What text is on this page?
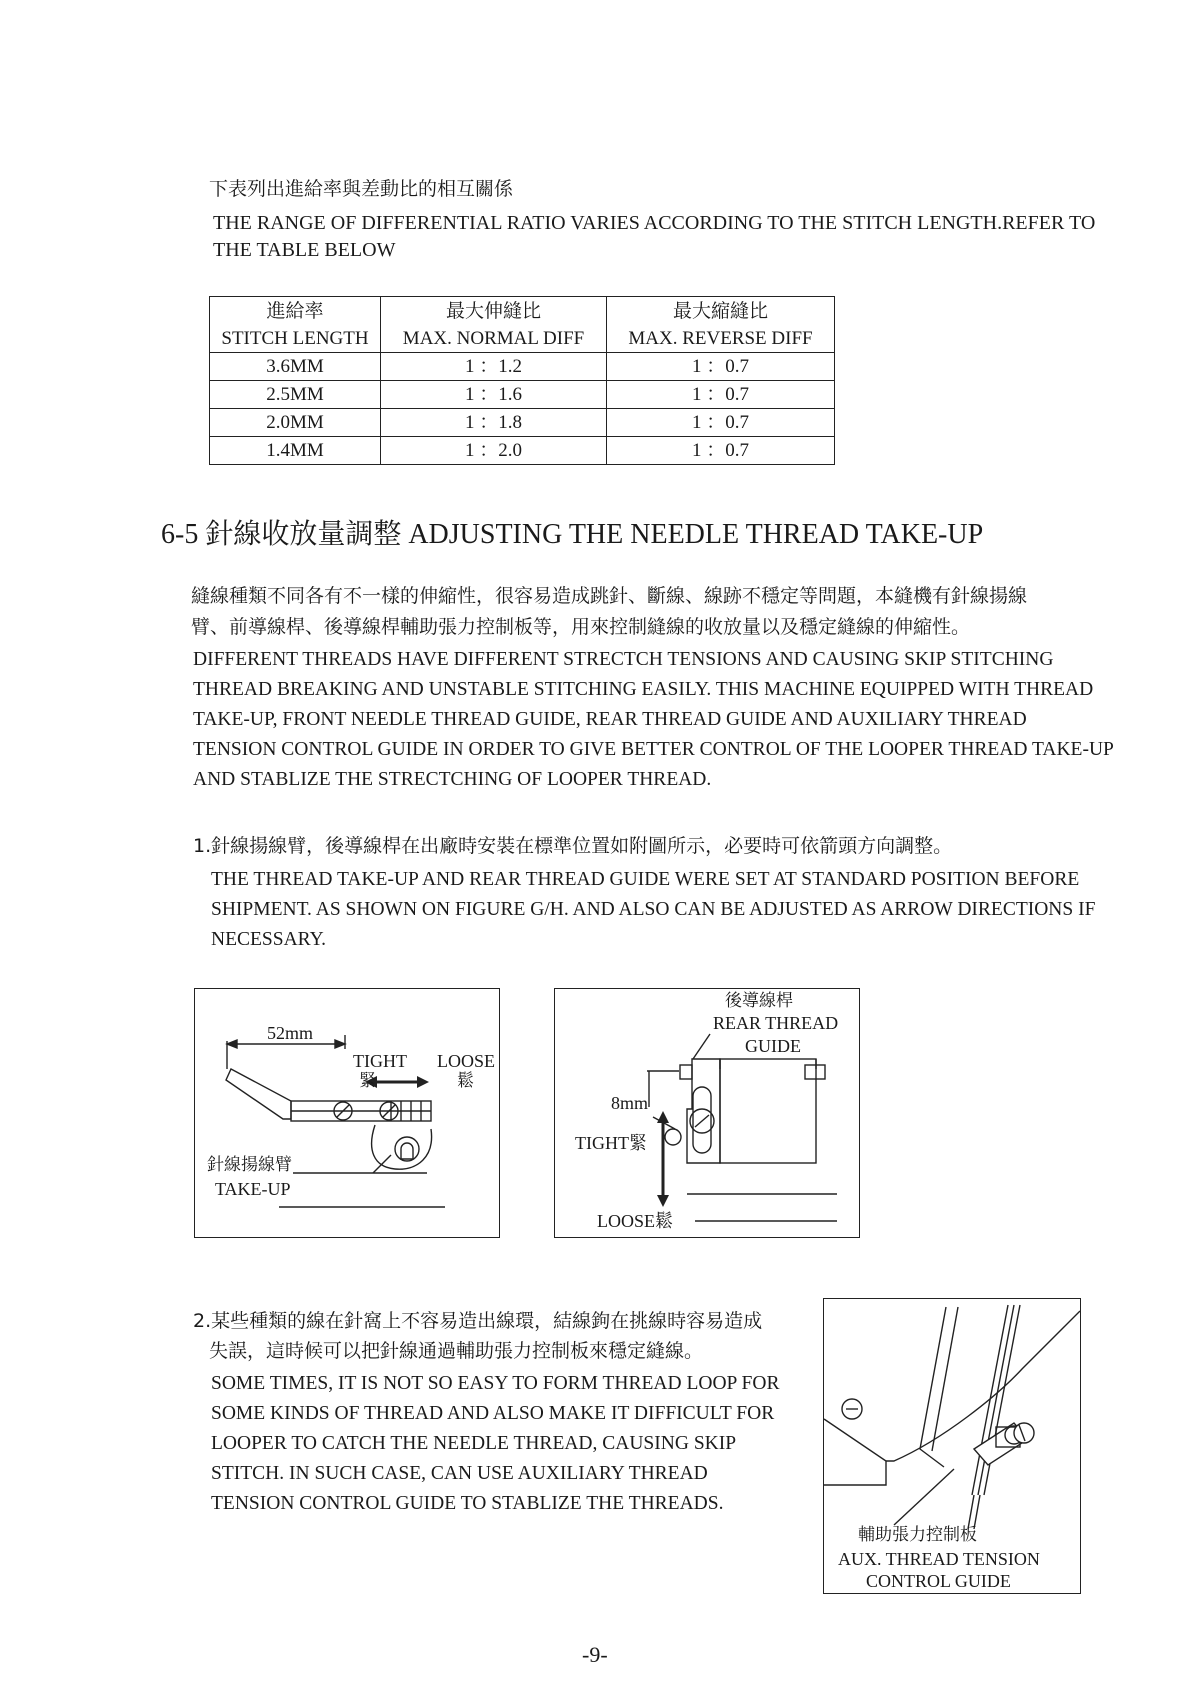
下表列出進給率與差動比的相互關係
THE RANGE OF DIFFERENTIAL RATIO VARIES ACCORDING TO THE STITCH LENGTH.REFER TO
THE TABLE BELOW
進給率	最大伸縫比	最大縮縫比
STITCH LENGTH	MAX. NORMAL DIFF	MAX. REVERSE DIFF
3.6MM	1 ：1.2	1 ：0.7
2.5MM	1 ：1.6	1 ：0.7
2.0MM	1 ：1.8	1 ：0.7
1.4MM	1 ：2.0	1 ：0.7
6-5 針線收放量調整 ADJUSTING THE NEEDLE THREAD TAKE-UP
縫線種類不同各有不一樣的伸縮性，很容易造成跳針、斷線、線跡不穩定等問題，本縫機有針線揚線
臂、前導線桿、後導線桿輔助張力控制板等，用來控制縫線的收放量以及穩定縫線的伸縮性。
DIFFERENT THREADS HAVE DIFFERENT STRECTCH TENSIONS AND CAUSING SKIP STITCHING
THREAD BREAKING AND UNSTABLE STITCHING EASILY. THIS MACHINE EQUIPPED WITH THREAD
TAKE-UP, FRONT NEEDLE THREAD GUIDE, REAR THREAD GUIDE AND AUXILIARY THREAD
TENSION CONTROL GUIDE IN ORDER TO GIVE BETTER CONTROL OF THE LOOPER THREAD TAKE-UP
AND STABLIZE THE STRECTCHING OF LOOPER THREAD.
1.針線揚線臂，後導線桿在出廠時安裝在標準位置如附圖所示，必要時可依箭頭方向調整。
THE THREAD TAKE-UP AND REAR THREAD GUIDE WERE SET AT STANDARD POSITION BEFORE
SHIPMENT. AS SHOWN ON FIGURE G/H. AND ALSO CAN BE ADJUSTED AS ARROW DIRECTIONS IF
NECESSARY.
52mm
TIGHT
緊
LOOSE
鬆
針線揚線臂
TAKE-UP
後導線桿
REAR THREAD
GUIDE
8mm
TIGHT緊
LOOSE鬆
2.某些種類的線在針窩上不容易造出線環，結線鉤在挑線時容易造成
失誤，這時候可以把針線通過輔助張力控制板來穩定縫線。
SOME TIMES, IT IS NOT SO EASY TO FORM THREAD LOOP FOR
SOME KINDS OF THREAD AND ALSO MAKE IT DIFFICULT FOR
LOOPER TO CATCH THE NEEDLE THREAD, CAUSING SKIP
STITCH. IN SUCH CASE, CAN USE AUXILIARY THREAD
TENSION CONTROL GUIDE TO STABLIZE THE THREADS.
輔助張力控制板
AUX. THREAD TENSION
CONTROL GUIDE
-9-
